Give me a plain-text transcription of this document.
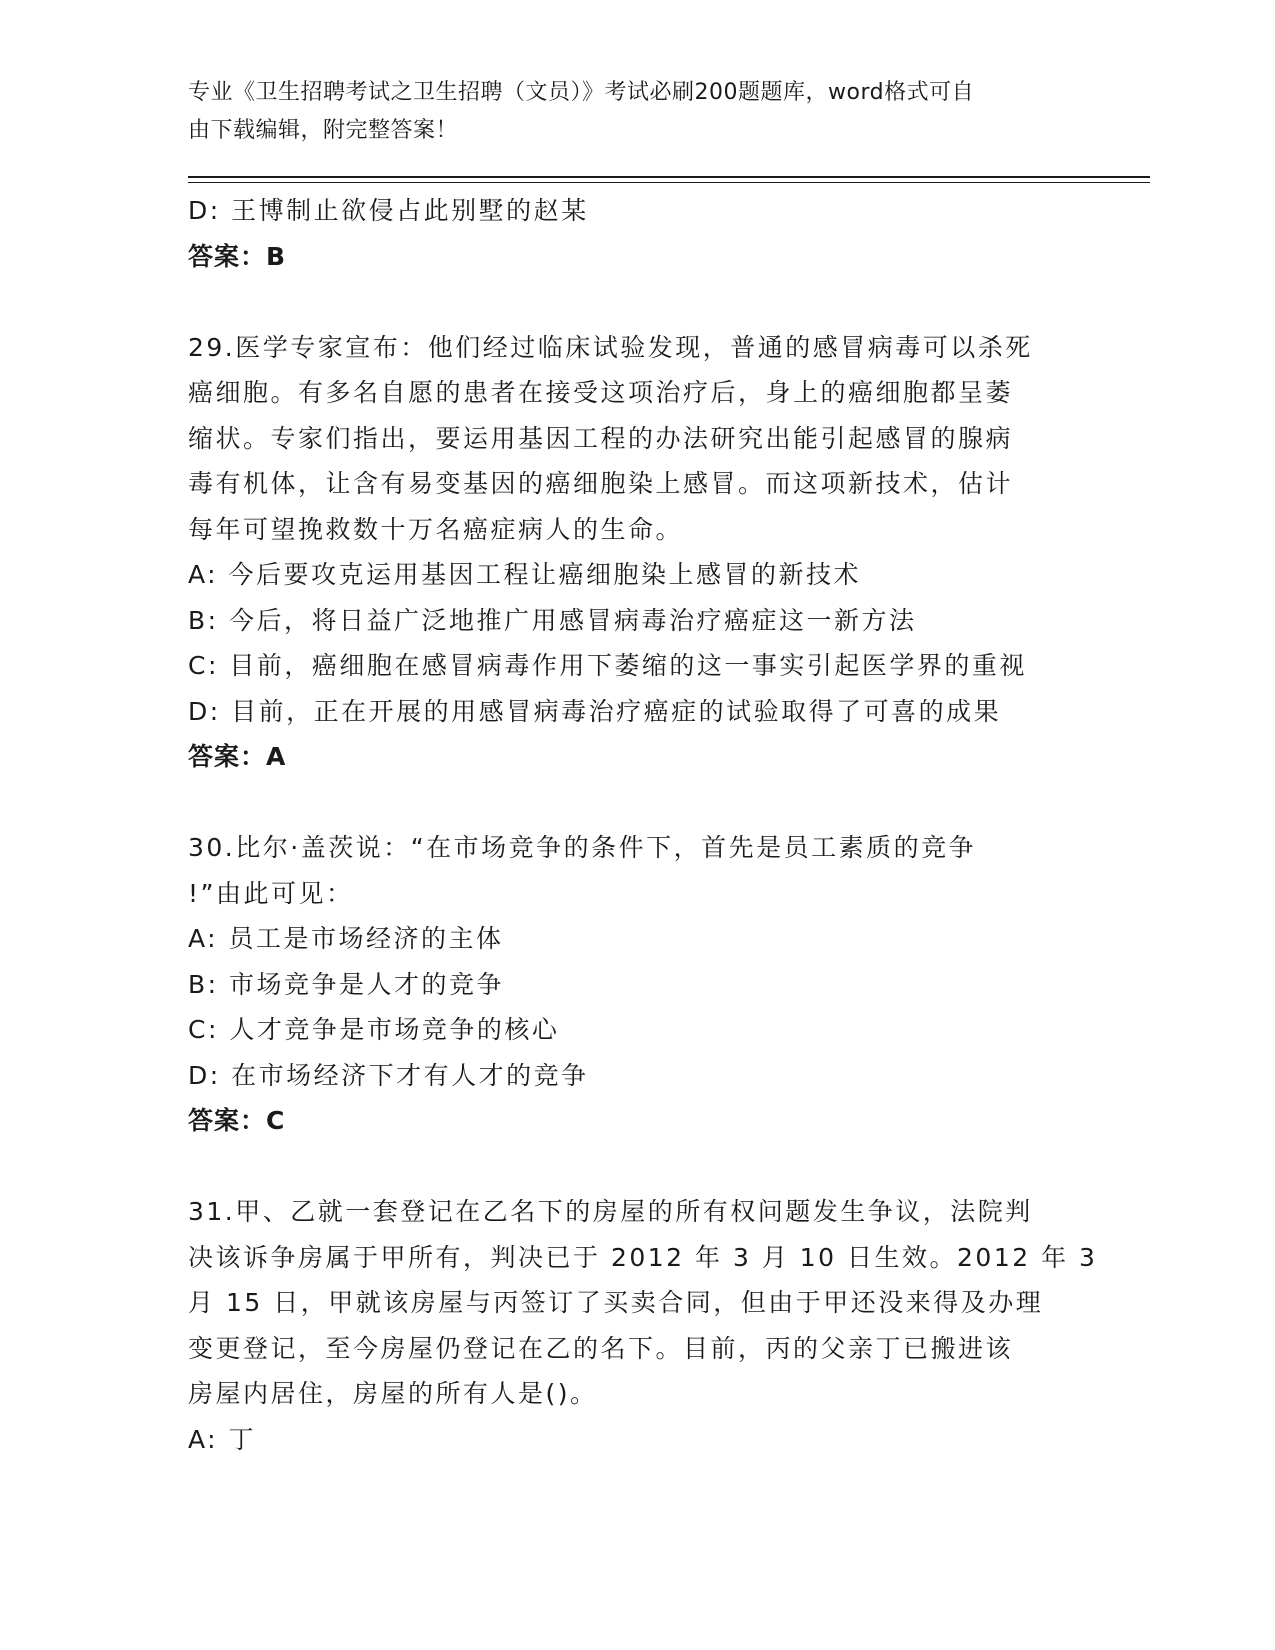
专业《卫生招聘考试之卫生招聘（文员）》考试必刷200题题库，word格式可自
由下载编辑，附完整答案！
D: 王博制止欲侵占此别墅的赵某
答案：B
29.医学专家宣布：他们经过临床试验发现，普通的感冒病毒可以杀死
癌细胞。有多名自愿的患者在接受这项治疗后，身上的癌细胞都呈萎
缩状。专家们指出，要运用基因工程的办法研究出能引起感冒的腺病
毒有机体，让含有易变基因的癌细胞染上感冒。而这项新技术，估计
每年可望挽救数十万名癌症病人的生命。
A: 今后要攻克运用基因工程让癌细胞染上感冒的新技术
B: 今后，将日益广泛地推广用感冒病毒治疗癌症这一新方法
C: 目前，癌细胞在感冒病毒作用下萎缩的这一事实引起医学界的重视
D: 目前，正在开展的用感冒病毒治疗癌症的试验取得了可喜的成果
答案：A
30.比尔·盖茨说：“在市场竞争的条件下，首先是员工素质的竞争
!”由此可见：
A: 员工是市场经济的主体
B: 市场竞争是人才的竞争
C: 人才竞争是市场竞争的核心
D: 在市场经济下才有人才的竞争
答案：C
31.甲、乙就一套登记在乙名下的房屋的所有权问题发生争议，法院判
决该诉争房属于甲所有，判决已于 2012 年 3 月 10 日生效。2012 年 3
月 15 日，甲就该房屋与丙签订了买卖合同，但由于甲还没来得及办理
变更登记，至今房屋仍登记在乙的名下。目前，丙的父亲丁已搬进该
房屋内居住，房屋的所有人是()。
A: 丁
